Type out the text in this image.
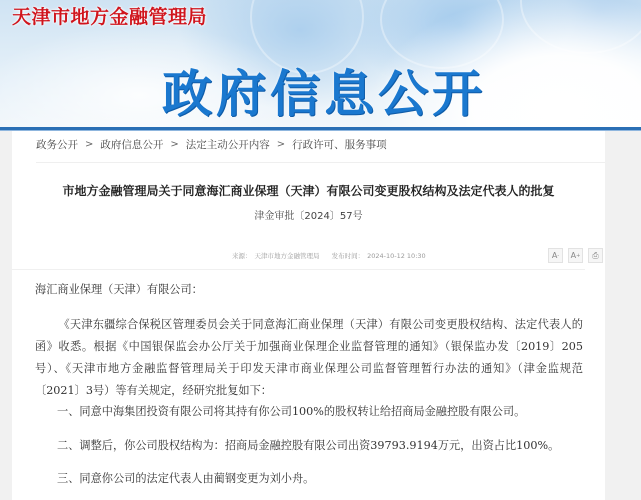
天津市地方金融管理局
政府信息公开
政务公开 > 政府信息公开 > 法定主动公开内容 > 行政许可、服务事项
市地方金融管理局关于同意海汇商业保理（天津）有限公司变更股权结构及法定代表人的批复
津金审批〔2024〕57号
来源： 天津市地方金融管理局 发布时间： 2024-10-12 10:30	A - A + ⎙
海汇商业保理（天津）有限公司：
《天津东疆综合保税区管理委员会关于同意海汇商业保理（天津）有限公司变更股权结构、法定代表人的函》收悉。根据《中国银保监会办公厅关于加强商业保理企业监督管理的通知》（银保监办发〔2019〕205号）、《天津市地方金融监督管理局关于印发天津市商业保理公司监督管理暂行办法的通知》（津金监规范〔2021〕3号）等有关规定，经研究批复如下：
一、同意中海集团投资有限公司将其持有你公司100%的股权转让给招商局金融控股有限公司。
二、调整后，你公司股权结构为：招商局金融控股有限公司出资39793.9194万元，出资占比100%。
三、同意你公司的法定代表人由蔺钢变更为刘小舟。
